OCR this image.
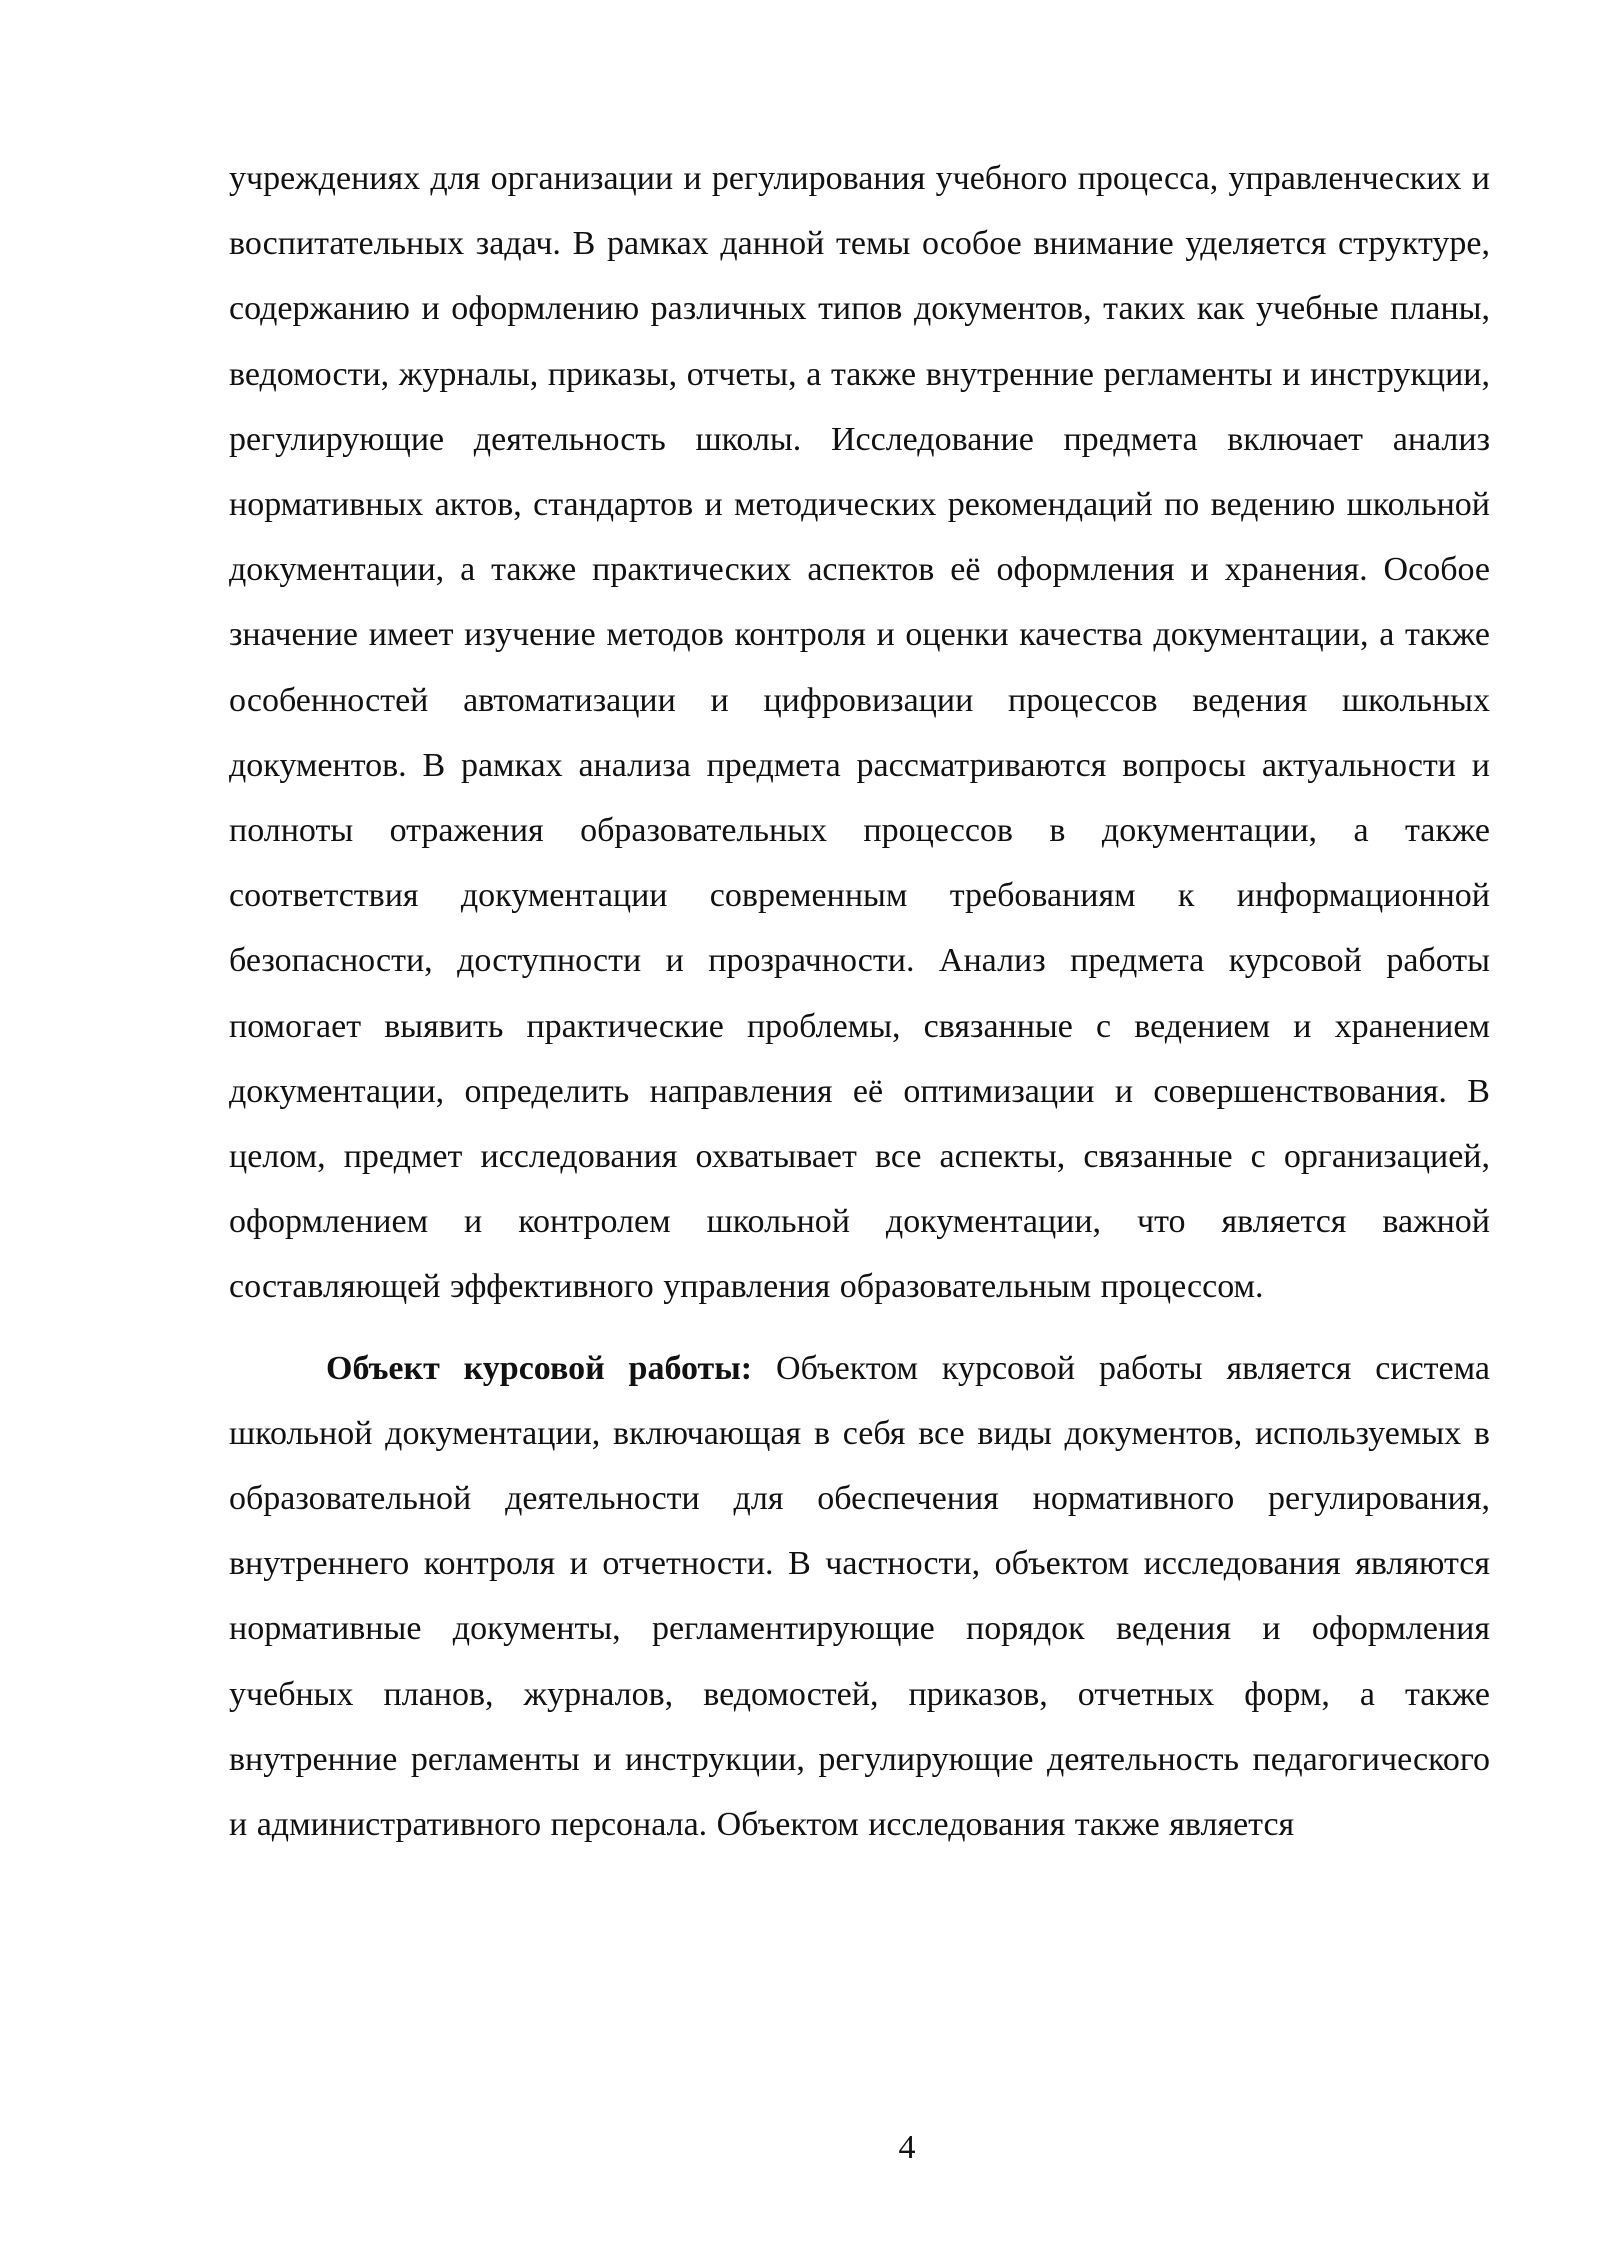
учреждениях для организации и регулирования учебного процесса, управленческих и воспитательных задач. В рамках данной темы особое внимание уделяется структуре, содержанию и оформлению различных типов документов, таких как учебные планы, ведомости, журналы, приказы, отчеты, а также внутренние регламенты и инструкции, регулирующие деятельность школы. Исследование предмета включает анализ нормативных актов, стандартов и методических рекомендаций по ведению школьной документации, а также практических аспектов её оформления и хранения. Особое значение имеет изучение методов контроля и оценки качества документации, а также особенностей автоматизации и цифровизации процессов ведения школьных документов. В рамках анализа предмета рассматриваются вопросы актуальности и полноты отражения образовательных процессов в документации, а также соответствия документации современным требованиям к информационной безопасности, доступности и прозрачности. Анализ предмета курсовой работы помогает выявить практические проблемы, связанные с ведением и хранением документации, определить направления её оптимизации и совершенствования. В целом, предмет исследования охватывает все аспекты, связанные с организацией, оформлением и контролем школьной документации, что является важной составляющей эффективного управления образовательным процессом.

Объект курсовой работы: Объектом курсовой работы является система школьной документации, включающая в себя все виды документов, используемых в образовательной деятельности для обеспечения нормативного регулирования, внутреннего контроля и отчетности. В частности, объектом исследования являются нормативные документы, регламентирующие порядок ведения и оформления учебных планов, журналов, ведомостей, приказов, отчетных форм, а также внутренние регламенты и инструкции, регулирующие деятельность педагогического и административного персонала. Объектом исследования также является

4
